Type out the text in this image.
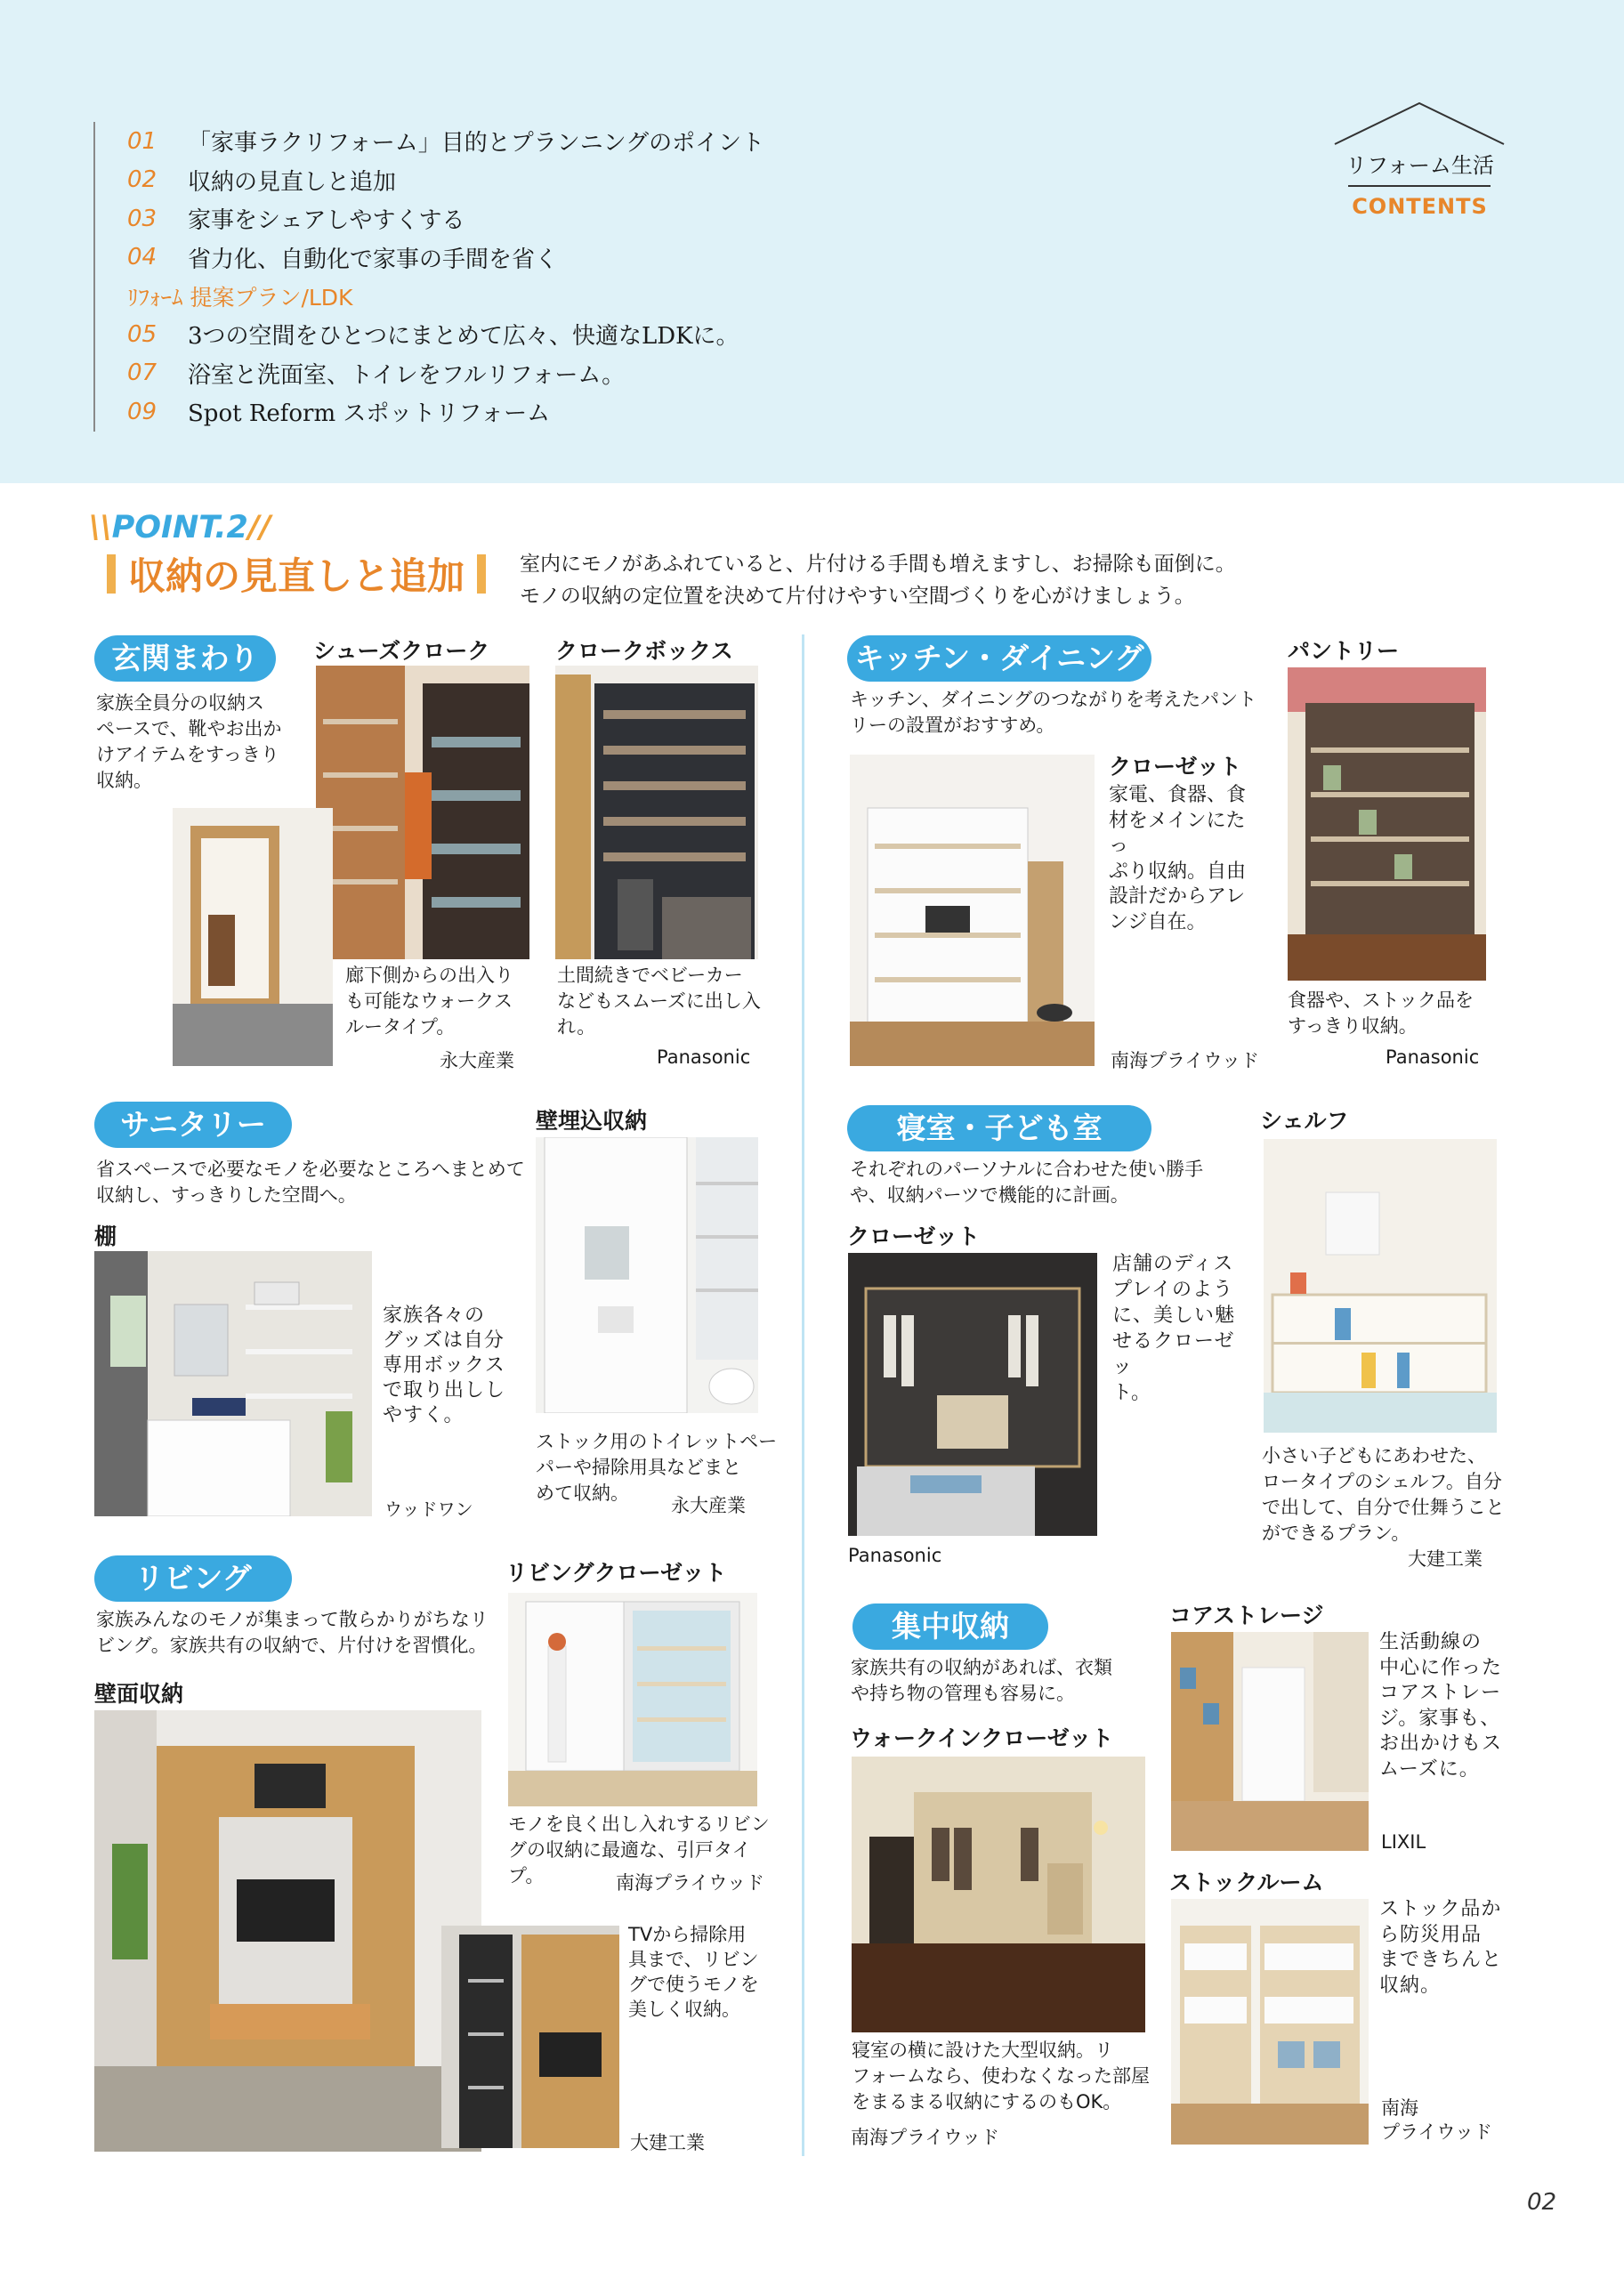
01	「家事ラクリフォーム」目的とプランニングのポイント
02	収納の見直しと追加
03	家事をシェアしやすくする
04	省力化、自動化で家事の手間を省く
ﾘﾌｫｰﾑ 提案プラン/LDK
05	3つの空間をひとつにまとめて広々、快適なLDKに。
07	浴室と洗面室、トイレをフルリフォーム。
09	Spot Reform スポットリフォーム
リフォーム生活
CONTENTS
\\POINT.2//
収納の見直しと追加	室内にモノがあふれていると、片付ける手間も増えますし、お掃除も面倒に。
モノの収納の定位置を決めて片付けやすい空間づくりを心がけましょう。
玄関まわり
家族全員分の収納ス
ペースで、靴やお出か
けアイテムをすっきり
収納。
シューズクローク
廊下側からの出入り
も可能なウォークス
ルータイプ。
永大産業
クロークボックス
土間続きでベビーカー
などもスムーズに出し入
れ。
Panasonic
キッチン・ダイニング
キッチン、ダイニングのつながりを考えたパント
リーの設置がおすすめ。
クローゼット
家電、食器、食
材をメインにたっ
ぷり収納。自由
設計だからアレ
ンジ自在。
南海プライウッド
パントリー
食器や、ストック品を
すっきり収納。
Panasonic
サニタリー
省スペースで必要なモノを必要なところへまとめて
収納し、すっきりした空間へ。
棚
家族各々の
グッズは自分
専用ボックス
で取り出しし
やすく。
ウッドワン
壁埋込収納
ストック用のトイレットペー
パーや掃除用具などまと
めて収納。
永大産業
寝室・子ども室
それぞれのパーソナルに合わせた使い勝手
や、収納パーツで機能的に計画。
クローゼット
店舗のディス
プレイのよう
に、美しい魅
せるクローゼッ
ト。
Panasonic
シェルフ
小さい子どもにあわせた、
ロータイプのシェルフ。自分
で出して、自分で仕舞うこと
ができるプラン。
大建工業
リビング
家族みんなのモノが集まって散らかりがちなリ
ビング。家族共有の収納で、片付けを習慣化。
壁面収納
TVから掃除用
具まで、リビン
グで使うモノを
美しく収納。
大建工業
リビングクローゼット
モノを良く出し入れするリビン
グの収納に最適な、引戸タイ
プ。	南海プライウッド
集中収納
家族共有の収納があれば、衣類
や持ち物の管理も容易に。
ウォークインクローゼット
寝室の横に設けた大型収納。リ
フォームなら、使わなくなった部屋
をまるまる収納にするのもOK。
南海プライウッド
コアストレージ
生活動線の
中心に作った
コアストレー
ジ。家事も、
お出かけもス
ムーズに。
LIXIL
ストックルーム
ストック品か
ら防災用品
まできちんと
収納。
南海
プライウッド
02
